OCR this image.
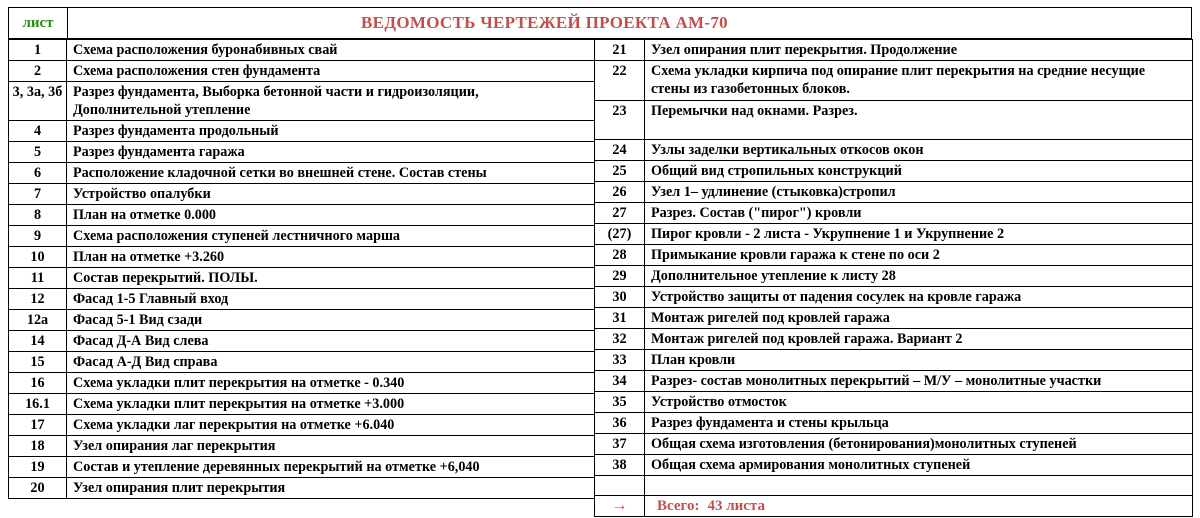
лист	ВЕДОМОСТЬ ЧЕРТЕЖЕЙ ПРОЕКТА АМ-70
1	Схема расположения буронабивных свай
2	Схема расположения стен фундамента
3, 3а, 3б	Разрез фундамента, Выборка бетонной части и гидроизоляции, Дополнительной утепление
4	Разрез фундамента продольный
5	Разрез фундамента гаража
6	Расположение кладочной сетки во внешней стене. Состав стены
7	Устройство опалубки
8	План на отметке 0.000
9	Схема расположения ступеней лестничного марша
10	План на отметке +3.260
11	Состав перекрытий. ПОЛЫ.
12	Фасад 1-5 Главный вход
12а	Фасад 5-1 Вид сзади
14	Фасад Д-А Вид слева
15	Фасад А-Д Вид справа
16	Схема укладки плит перекрытия на отметке - 0.340
16.1	Схема укладки плит перекрытия на отметке +3.000
17	Схема укладки лаг перекрытия на отметке +6.040
18	Узел опирания лаг перекрытия
19	Состав и утепление деревянных перекрытий на отметке +6,040
20	Узел опирания плит перекрытия
21	Узел опирания плит перекрытия. Продолжение
22	Схема укладки кирпича под опирание плит перекрытия на средние несущие стены из газобетонных блоков.
23	Перемычки над окнами. Разрез.
24	Узлы заделки вертикальных откосов окон
25	Общий вид стропильных конструкций
26	Узел 1– удлинение (стыковка)стропил
27	Разрез. Состав ("пирог") кровли
(27)	Пирог кровли - 2 листа - Укрупнение 1 и Укрупнение 2
28	Примыкание кровли гаража к стене по оси 2
29	Дополнительное утепление к листу 28
30	Устройство защиты от падения сосулек на кровле гаража
31	Монтаж ригелей под кровлей гаража
32	Монтаж ригелей под кровлей гаража. Вариант 2
33	План кровли
34	Разрез- состав монолитных перекрытий – М/У – монолитные участки
35	Устройство отмосток
36	Разрез фундамента и стены крыльца
37	Общая схема изготовления (бетонирования)монолитных ступеней
38	Общая схема армирования монолитных ступеней

→	Всего: 43 листа
